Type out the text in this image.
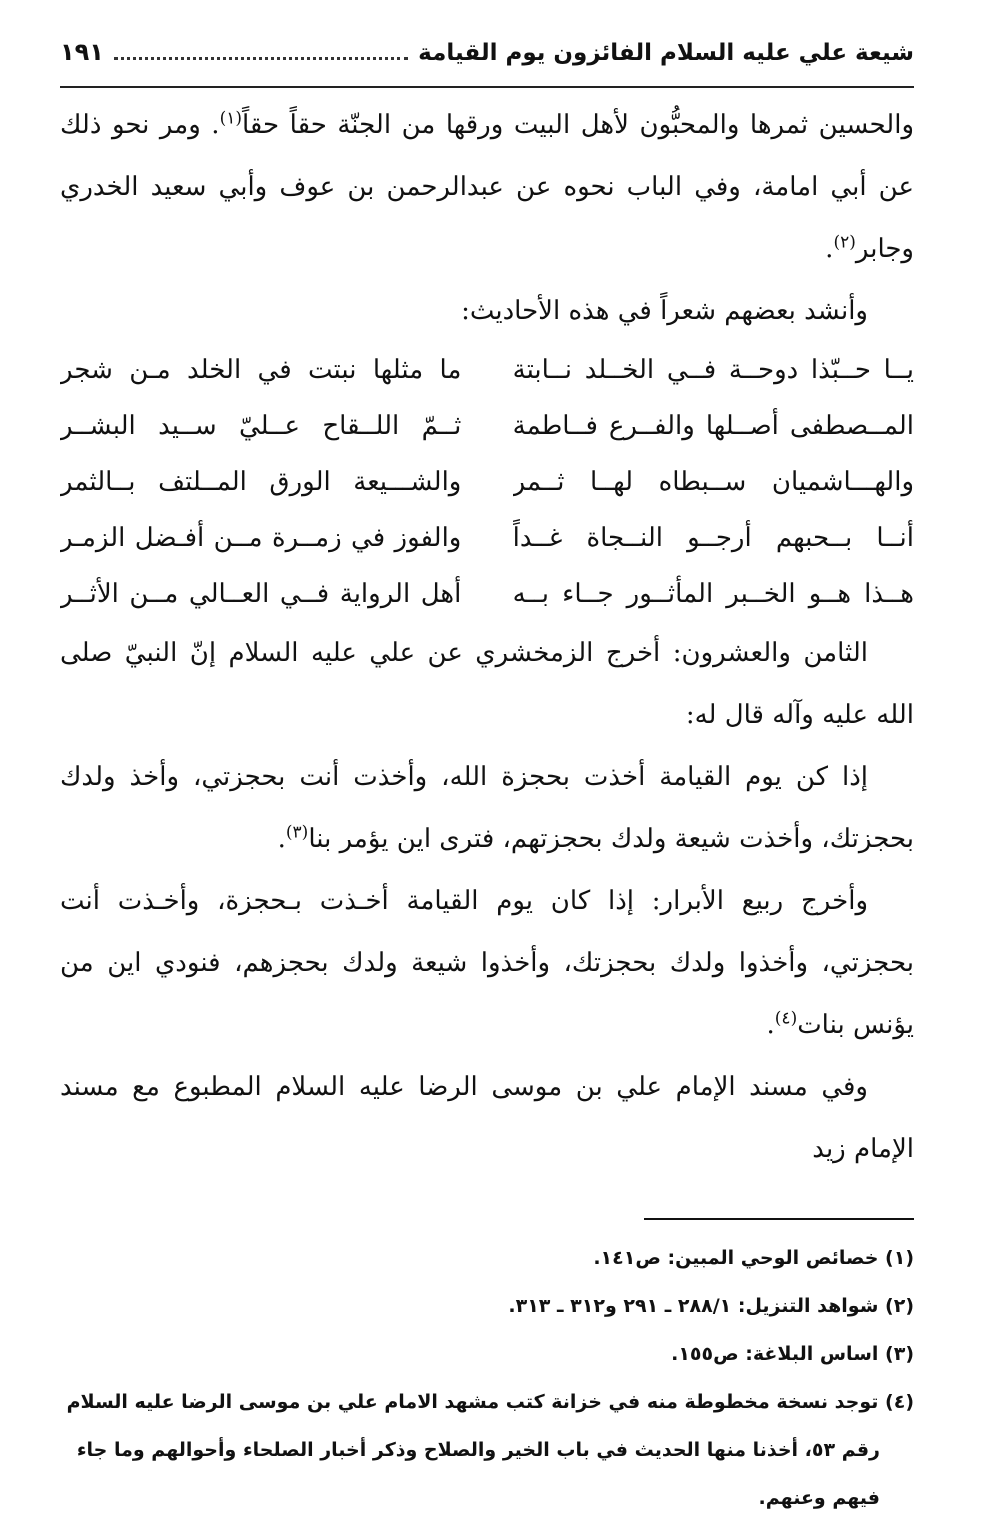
شيعة علي عليه السلام الفائزون يوم القيامة
١٩١

والحسين ثمرها والمحبُّون لأهل البيت ورقها من الجنّة حقاً حقاً$^{(١)}$. ومر نحو ذلك عن أبي امامة، وفي الباب نحوه عن عبدالرحمن بن عوف وأبي سعيد الخدري وجابر$^{(٢)}$.

وأنشد بعضهم شعراً في هذه الأحاديث:

يــا حــبّذا دوحــة فــي الخــلد نــابتة
ما مثلها نبتت في الخلد مـن شجر
المــصطفى أصــلها والفــرع فــاطمة
ثــمّ اللــقاح عــليّ ســيد البشــر
والهـــاشميان ســبطاه لهــا ثــمر
والشـــيعة الورق المــلتف بــالثمر
أنــا بــحبهم أرجــو النــجاة غــداً
والفوز في زمــرة مــن أفـضل الزمـر
هــذا هــو الخــبر المأثــور جــاء بــه
أهل الرواية فــي العــالي مــن الأثــر

الثامن والعشرون: أخرج الزمخشري عن علي عليه السلام إنّ النبيّ صلى الله عليه وآله قال له:

إذا كن يوم القيامة أخذت بحجزة الله، وأخذت أنت بحجزتي، وأخذ ولدك بحجزتك، وأخذت شيعة ولدك بحجزتهم، فترى اين يؤمر بنا$^{(٣)}$.

وأخرج ربيع الأبرار: إذا كان يوم القيامة أخـذت بـحجزة، وأخـذت أنت بحجزتي، وأخذوا ولدك بحجزتك، وأخذوا شيعة ولدك بحجزهم، فنودي اين من يؤنس بنات$^{(٤)}$.

وفي مسند الإمام علي بن موسى الرضا عليه السلام المطبوع مع مسند الإمام زيد

(١) خصائص الوحي المبين: ص١٤١.

(٢) شواهد التنزيل: ٢٨٨/١ ـ ٢٩١ و٣١٢ ـ ٣١٣.

(٣) اساس البلاغة: ص١٥٥.

(٤) توجد نسخة مخطوطة منه في خزانة كتب مشهد الامام علي بن موسى الرضا عليه السلام رقم ٥٣، أخذنا منها الحديث في باب الخير والصلاح وذكر أخبار الصلحاء وأحوالهم وما جاء فيهم وعنهم.
